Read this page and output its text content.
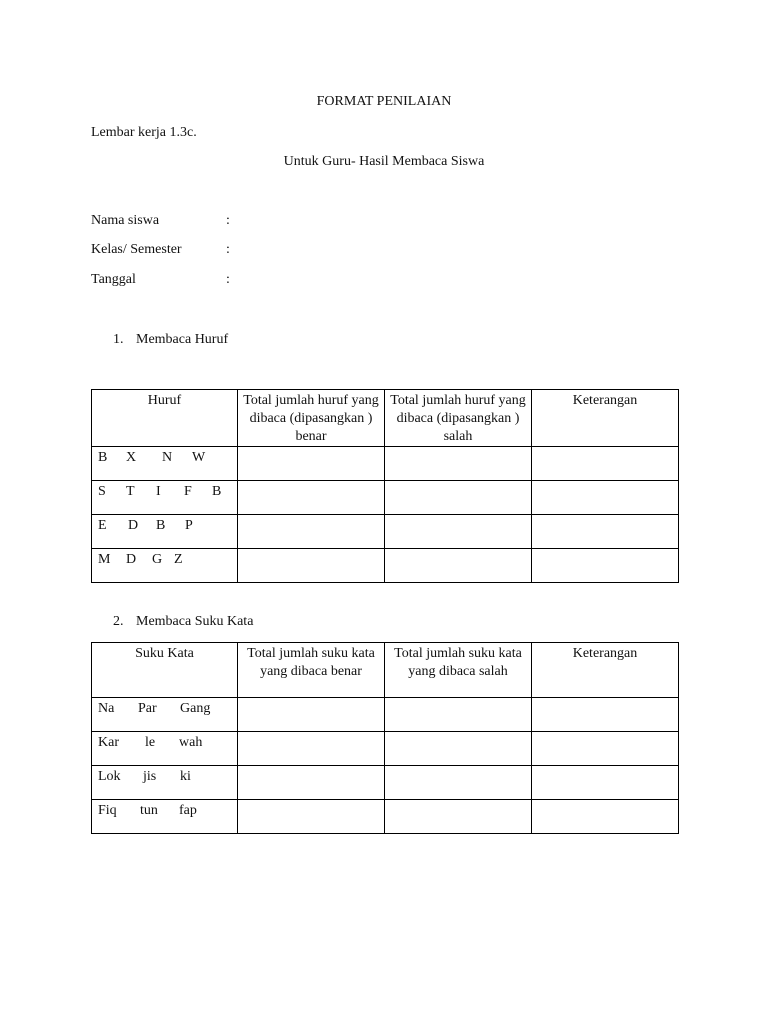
FORMAT PENILAIAN
Lembar kerja 1.3c.
Untuk Guru- Hasil Membaca Siswa
Nama siswa	:
Kelas/ Semester	:
Tanggal	:
1. Membaca Huruf
Huruf	Total jumlah huruf yang dibaca (dipasangkan ) benar	Total jumlah huruf yang dibaca (dipasangkan ) salah	Keterangan
B X N W			
S T I F B			
E D B P			
M D G Z			
2. Membaca Suku Kata
Suku Kata	Total jumlah suku kata yang dibaca benar	Total jumlah suku kata yang dibaca salah	Keterangan
Na Par Gang			
Kar le wah			
Lok jis ki			
Fiq tun fap			
